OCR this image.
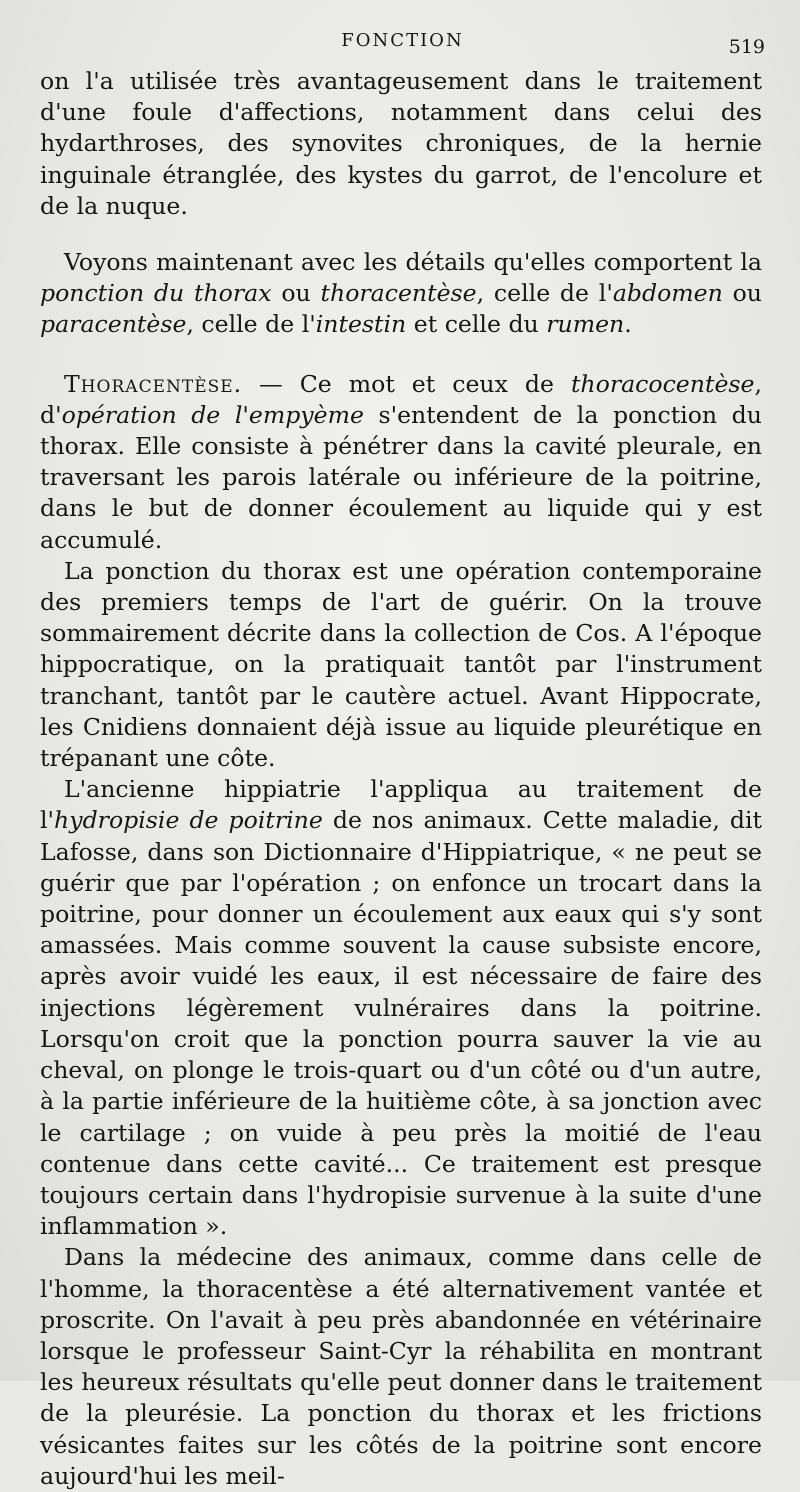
FONCTION	519

on l'a utilisée très avantageusement dans le traitement d'une foule d'affections, notamment dans celui des hydarthroses, des synovites chroniques, de la hernie inguinale étranglée, des kystes du garrot, de l'encolure et de la nuque.

Voyons maintenant avec les détails qu'elles comportent la ponction du thorax ou thoracentèse, celle de l'abdomen ou paracentèse, celle de l'intestin et celle du rumen.

Thoracentèse. — Ce mot et ceux de thoracocentèse, d'opération de l'empyème s'entendent de la ponction du thorax. Elle consiste à pénétrer dans la cavité pleurale, en traversant les parois latérale ou inférieure de la poitrine, dans le but de donner écoulement au liquide qui y est accumulé.

La ponction du thorax est une opération contemporaine des premiers temps de l'art de guérir. On la trouve sommairement décrite dans la collection de Cos. A l'époque hippocratique, on la pratiquait tantôt par l'instrument tranchant, tantôt par le cautère actuel. Avant Hippocrate, les Cnidiens donnaient déjà issue au liquide pleurétique en trépanant une côte.

L'ancienne hippiatrie l'appliqua au traitement de l'hydropisie de poitrine de nos animaux. Cette maladie, dit Lafosse, dans son Dictionnaire d'Hippiatrique, « ne peut se guérir que par l'opération ; on enfonce un trocart dans la poitrine, pour donner un écoulement aux eaux qui s'y sont amassées. Mais comme souvent la cause subsiste encore, après avoir vuidé les eaux, il est nécessaire de faire des injections légèrement vulnéraires dans la poitrine. Lorsqu'on croit que la ponction pourra sauver la vie au cheval, on plonge le trois-quart ou d'un côté ou d'un autre, à la partie inférieure de la huitième côte, à sa jonction avec le cartilage ; on vuide à peu près la moitié de l'eau contenue dans cette cavité... Ce traitement est presque toujours certain dans l'hydropisie survenue à la suite d'une inflammation ».

Dans la médecine des animaux, comme dans celle de l'homme, la thoracentèse a été alternativement vantée et proscrite. On l'avait à peu près abandonnée en vétérinaire lorsque le professeur Saint-Cyr la réhabilita en montrant les heureux résultats qu'elle peut donner dans le traitement de la pleurésie. La ponction du thorax et les frictions vésicantes faites sur les côtés de la poitrine sont encore aujourd'hui les meil-
